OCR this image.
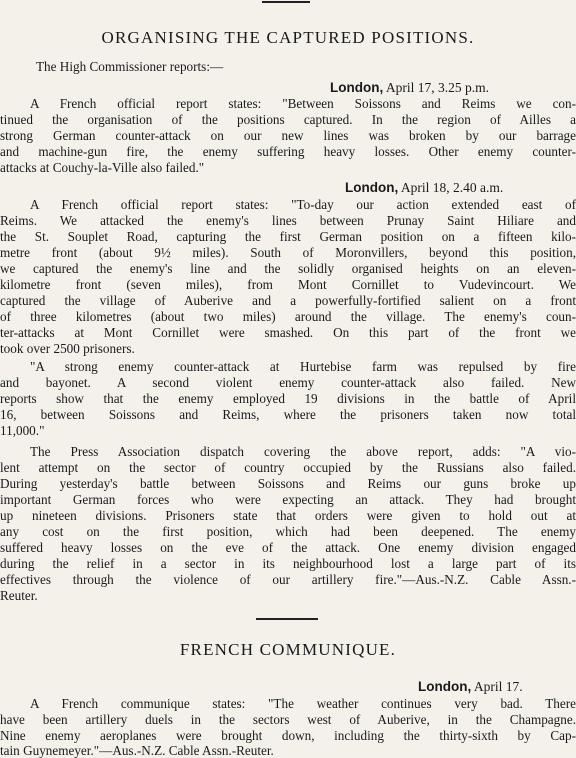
ORGANISING THE CAPTURED POSITIONS.
The High Commissioner reports:—
London, April 17, 3.25 p.m.
A French official report states: "Between Soissons and Reims we con-
tinued the organisation of the positions captured. In the region of Ailles a
strong German counter-attack on our new lines was broken by our barrage
and machine-gun fire, the enemy suffering heavy losses. Other enemy counter-
attacks at Couchy-la-Ville also failed."
London, April 18, 2.40 a.m.
A French official report states: "To-day our action extended east of
Reims. We attacked the enemy's lines between Prunay Saint Hiliare and
the St. Souplet Road, capturing the first German position on a fifteen kilo-
metre front (about 9½ miles). South of Moronvillers, beyond this position,
we captured the enemy's line and the solidly organised heights on an eleven-
kilometre front (seven miles), from Mont Cornillet to Vudevincourt. We
captured the village of Auberive and a powerfully-fortified salient on a front
of three kilometres (about two miles) around the village. The enemy's coun-
ter-attacks at Mont Cornillet were smashed. On this part of the front we
took over 2500 prisoners.
"A strong enemy counter-attack at Hurtebise farm was repulsed by fire
and bayonet. A second violent enemy counter-attack also failed. New
reports show that the enemy employed 19 divisions in the battle of April
16, between Soissons and Reims, where the prisoners taken now total
11,000."
The Press Association dispatch covering the above report, adds: "A vio-
lent attempt on the sector of country occupied by the Russians also failed.
During yesterday's battle between Soissons and Reims our guns broke up
important German forces who were expecting an attack. They had brought
up nineteen divisions. Prisoners state that orders were given to hold out at
any cost on the first position, which had been deepened. The enemy
suffered heavy losses on the eve of the attack. One enemy division engaged
during the relief in a sector in its neighbourhood lost a large part of its
effectives through the violence of our artillery fire."—Aus.-N.Z. Cable Assn.-
Reuter.
FRENCH COMMUNIQUE.
London, April 17.
A French communique states: "The weather continues very bad. There
have been artillery duels in the sectors west of Auberive, in the Champagne.
Nine enemy aeroplanes were brought down, including the thirty-sixth by Cap-
tain Guynemeyer."—Aus.-N.Z. Cable Assn.-Reuter.
